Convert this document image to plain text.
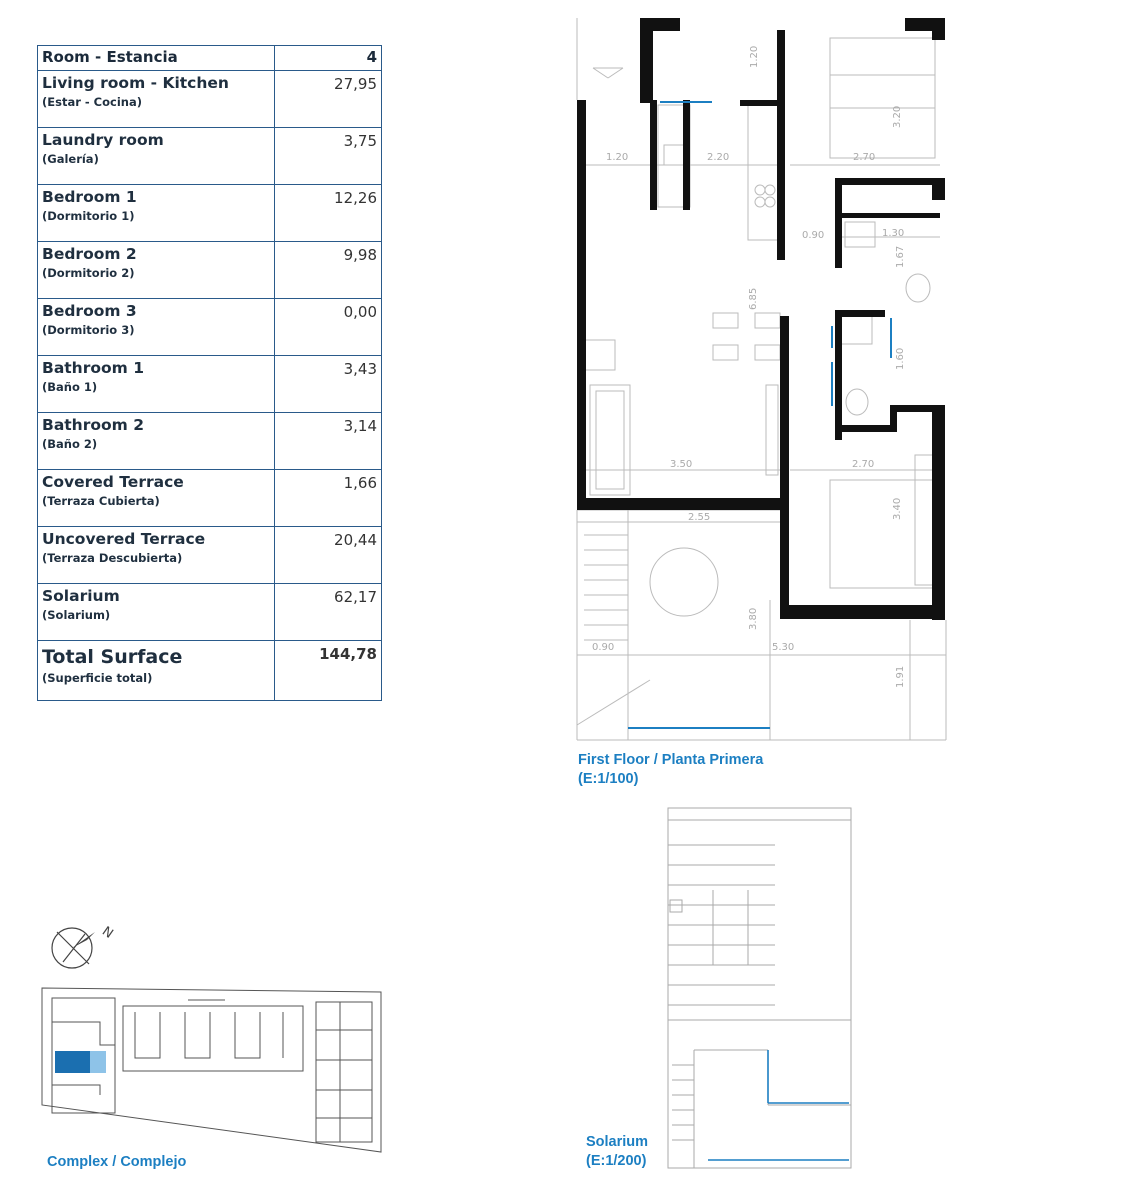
Room - Estancia	4

Living room - Kitchen
(Estar - Cocina)	27,95

Laundry room
(Galería)	3,75

Bedroom 1
(Dormitorio 1)	12,26

Bedroom 2
(Dormitorio 2)	9,98

Bedroom 3
(Dormitorio 3)	0,00

Bathroom 1
(Baño 1)	3,43

Bathroom 2
(Baño 2)	3,14

Covered Terrace
(Terraza Cubierta)	1,66

Uncovered Terrace
(Terraza Descubierta)	20,44

Solarium
(Solarium)	62,17

Total Surface
(Superficie total)	144,78
1.20	2.20	2.70
3.20
0.90	1.30
1.67
6.85
1.60
3.50	2.70
2.55	3.40
3.80
5.30
0.90
1.91
1.20
First Floor / Planta Primera
(E:1/100)
Solarium
(E:1/200)
N
Complex / Complejo
